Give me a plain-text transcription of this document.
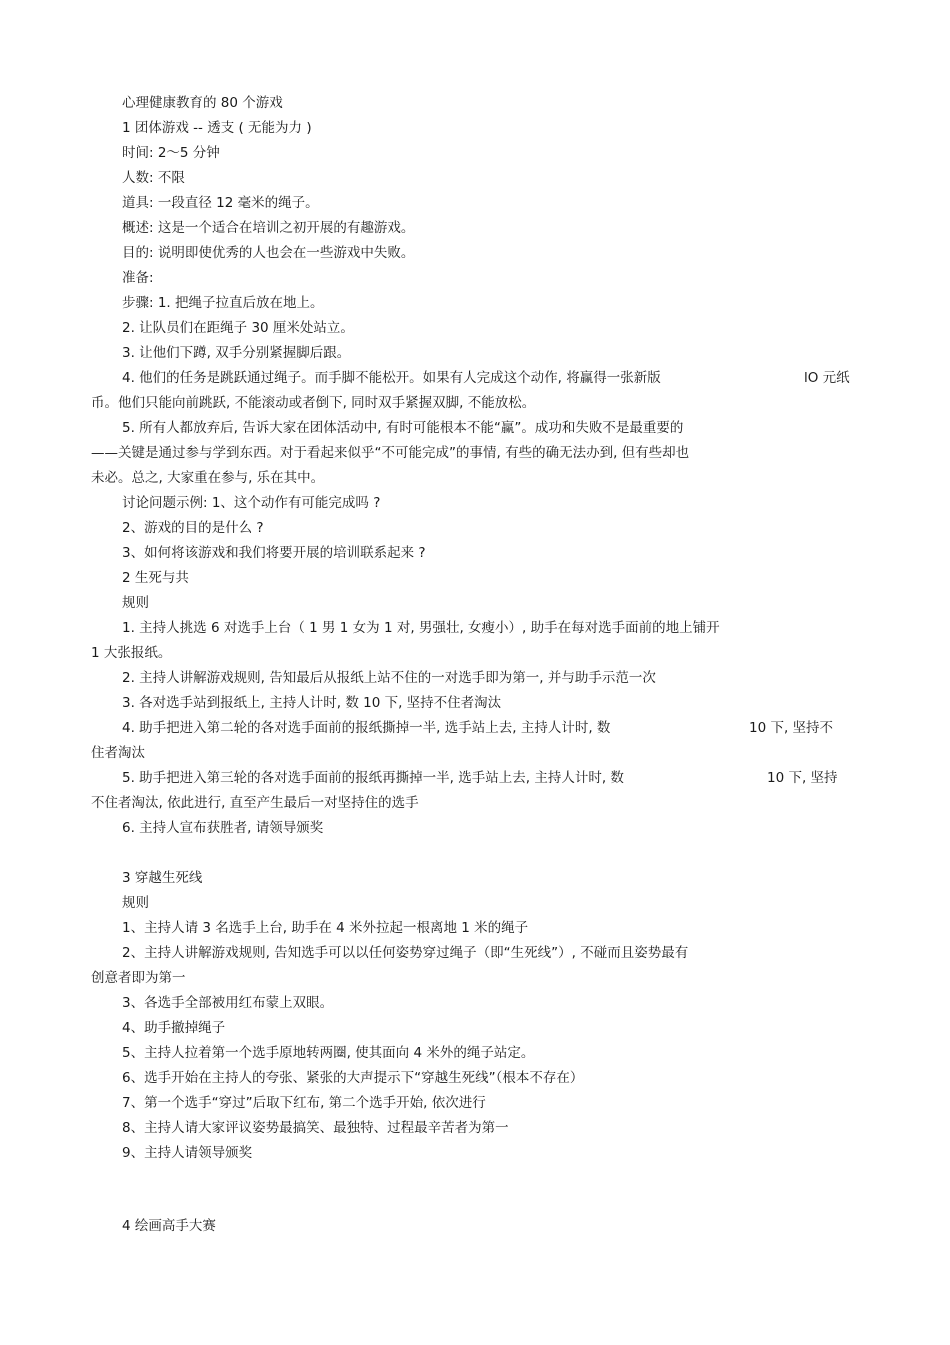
心理健康教育的 80 个游戏
1 团体游戏 -- 透支 ( 无能为力 )
时间: 2～5 分钟
人数: 不限
道具: 一段直径 12 毫米的绳子。
概述: 这是一个适合在培训之初开展的有趣游戏。
目的: 说明即使优秀的人也会在一些游戏中失败。
准备:
步骤: 1. 把绳子拉直后放在地上。
2. 让队员们在距绳子 30 厘米处站立。
3. 让他们下蹲, 双手分别紧握脚后跟。
4. 他们的任务是跳跃通过绳子。而手脚不能松开。如果有人完成这个动作, 将赢得一张新版	lO 元纸
币。他们只能向前跳跃, 不能滚动或者倒下, 同时双手紧握双脚, 不能放松。
5. 所有人都放弃后, 告诉大家在团体活动中, 有时可能根本不能“赢”。成功和失败不是最重要的
——关键是通过参与学到东西。对于看起来似乎“不可能完成”的事情, 有些的确无法办到, 但有些却也
未必。总之, 大家重在参与, 乐在其中。
讨论问题示例: 1、这个动作有可能完成吗 ?
2、游戏的目的是什么 ?
3、如何将该游戏和我们将要开展的培训联系起来 ?
2 生死与共
规则
1. 主持人挑选 6 对选手上台（ 1 男 1 女为 1 对, 男强壮, 女瘦小）, 助手在每对选手面前的地上铺开
1 大张报纸。
2. 主持人讲解游戏规则, 告知最后从报纸上站不住的一对选手即为第一, 并与助手示范一次
3. 各对选手站到报纸上, 主持人计时, 数 10 下, 坚持不住者淘汰
4. 助手把进入第二轮的各对选手面前的报纸撕掉一半, 选手站上去, 主持人计时, 数	10 下, 坚持不
住者淘汰
5. 助手把进入第三轮的各对选手面前的报纸再撕掉一半, 选手站上去, 主持人计时, 数	10 下, 坚持
不住者淘汰, 依此进行, 直至产生最后一对坚持住的选手
6. 主持人宣布获胜者, 请领导颁奖
3 穿越生死线
规则
1、主持人请 3 名选手上台, 助手在 4 米外拉起一根离地 1 米的绳子
2、主持人讲解游戏规则, 告知选手可以以任何姿势穿过绳子（即“生死线”）, 不碰而且姿势最有
创意者即为第一
3、各选手全部被用红布蒙上双眼。
4、助手撤掉绳子
5、主持人拉着第一个选手原地转两圈, 使其面向 4 米外的绳子站定。
6、选手开始在主持人的夸张、紧张的大声提示下“穿越生死线”（根本不存在）
7、第一个选手“穿过”后取下红布, 第二个选手开始, 依次进行
8、主持人请大家评议姿势最搞笑、最独特、过程最辛苦者为第一
9、主持人请领导颁奖
4 绘画高手大赛
